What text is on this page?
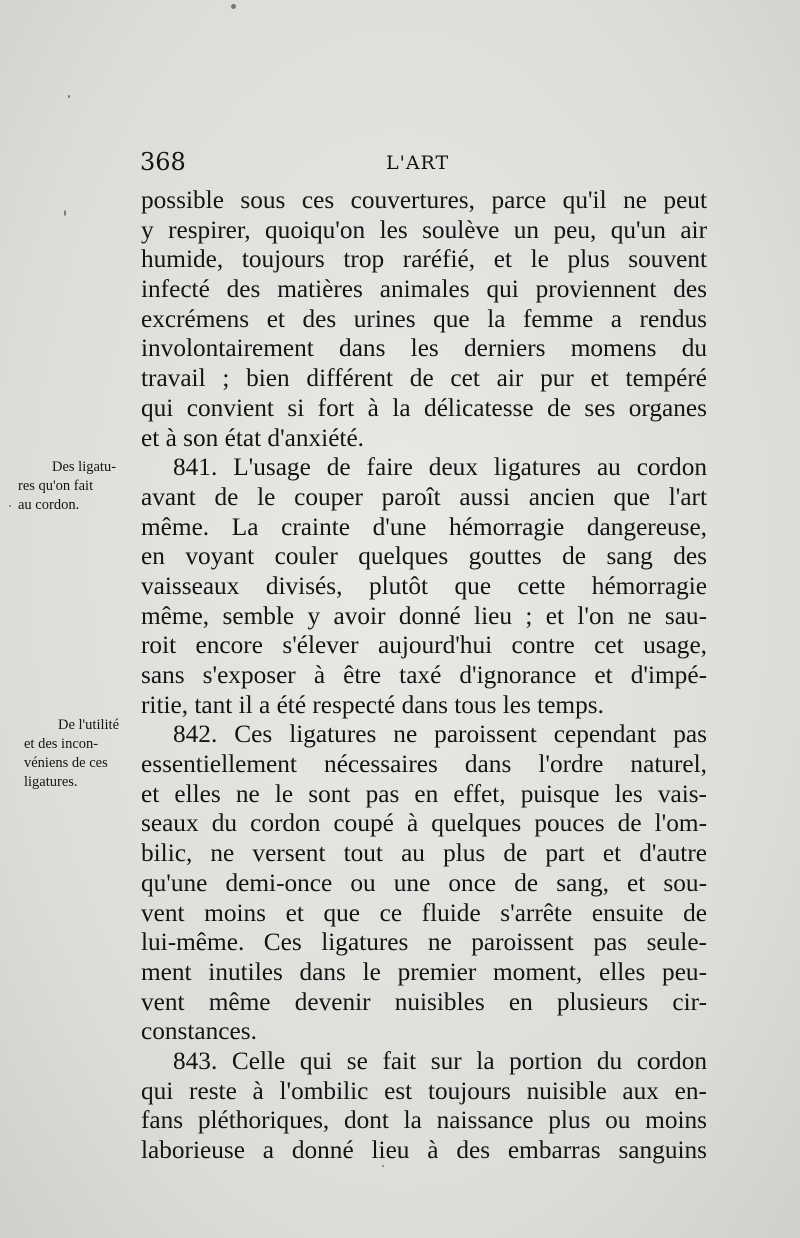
368	L'ART
Des ligatu-
res qu'on fait
au cordon.
De l'utilité
et des incon-
véniens de ces
ligatures.
possible sous ces couvertures, parce qu'il ne peut
y respirer, quoiqu'on les soulève un peu, qu'un air
humide, toujours trop raréfié, et le plus souvent
infecté des matières animales qui proviennent des
excrémens et des urines que la femme a rendus
involontairement dans les derniers momens du
travail ; bien différent de cet air pur et tempéré
qui convient si fort à la délicatesse de ses organes
et à son état d'anxiété.
841. L'usage de faire deux ligatures au cordon
avant de le couper paroît aussi ancien que l'art
même. La crainte d'une hémorragie dangereuse,
en voyant couler quelques gouttes de sang des
vaisseaux divisés, plutôt que cette hémorragie
même, semble y avoir donné lieu ; et l'on ne sau-
roit encore s'élever aujourd'hui contre cet usage,
sans s'exposer à être taxé d'ignorance et d'impé-
ritie, tant il a été respecté dans tous les temps.
842. Ces ligatures ne paroissent cependant pas
essentiellement nécessaires dans l'ordre naturel,
et elles ne le sont pas en effet, puisque les vais-
seaux du cordon coupé à quelques pouces de l'om-
bilic, ne versent tout au plus de part et d'autre
qu'une demi-once ou une once de sang, et sou-
vent moins et que ce fluide s'arrête ensuite de
lui-même. Ces ligatures ne paroissent pas seule-
ment inutiles dans le premier moment, elles peu-
vent même devenir nuisibles en plusieurs cir-
constances.
843. Celle qui se fait sur la portion du cordon
qui reste à l'ombilic est toujours nuisible aux en-
fans pléthoriques, dont la naissance plus ou moins
laborieuse a donné lieu à des embarras sanguins
